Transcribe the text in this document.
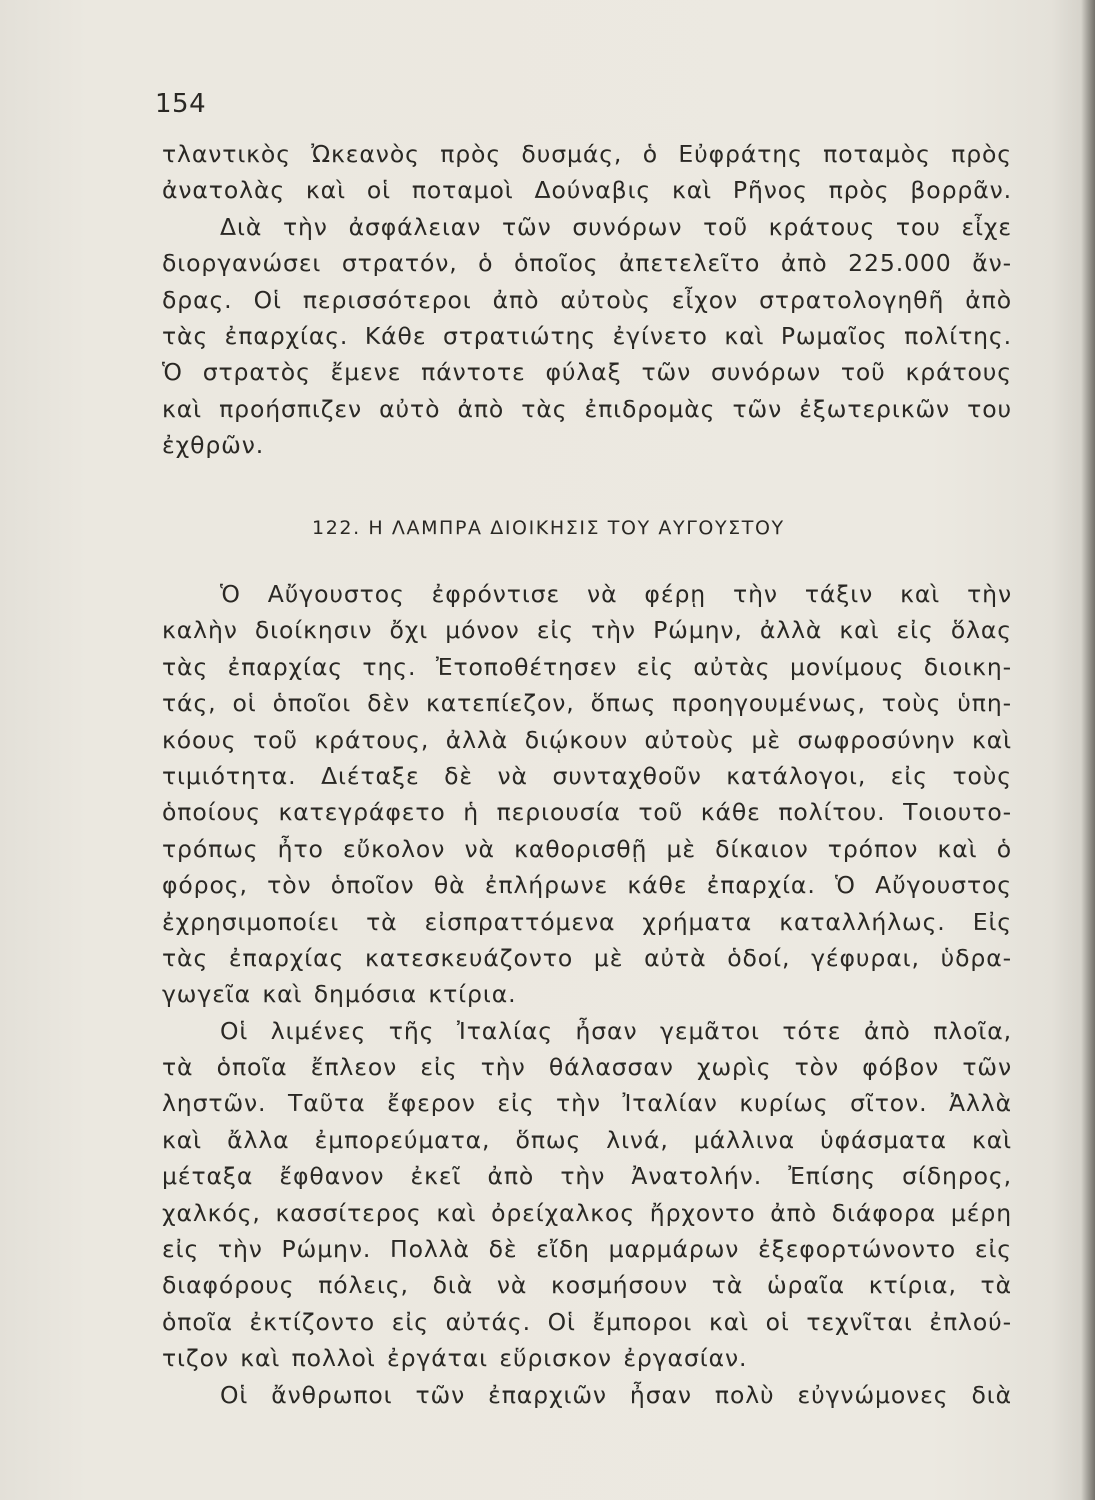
154
τλαντικὸς Ὠκεανὸς πρὸς δυσμάς, ὁ Εὐφράτης ποταμὸς πρὸς
ἀνατολὰς καὶ οἱ ποταμοὶ Δούναβις καὶ Ρῆνος πρὸς βορρᾶν.
Διὰ τὴν ἀσφάλειαν τῶν συνόρων τοῦ κράτους του εἶχε
διοργανώσει στρατόν, ὁ ὁποῖος ἀπετελεῖτο ἀπὸ 225.000 ἄν-
δρας. Οἱ περισσότεροι ἀπὸ αὐτοὺς εἶχον στρατολογηθῆ ἀπὸ
τὰς ἐπαρχίας. Κάθε στρατιώτης ἐγίνετο καὶ Ρωμαῖος πολίτης.
Ὁ στρατὸς ἔμενε πάντοτε φύλαξ τῶν συνόρων τοῦ κράτους
καὶ προήσπιζεν αὐτὸ ἀπὸ τὰς ἐπιδρομὰς τῶν ἐξωτερικῶν του
ἐχθρῶν.
122. Η ΛΑΜΠΡΑ ΔΙΟΙΚΗΣΙΣ ΤΟΥ ΑΥΓΟΥΣΤΟΥ
Ὁ Αὔγουστος ἐφρόντισε νὰ φέρῃ τὴν τάξιν καὶ τὴν
καλὴν διοίκησιν ὄχι μόνον εἰς τὴν Ρώμην, ἀλλὰ καὶ εἰς ὅλας
τὰς ἐπαρχίας της. Ἐτοποθέτησεν εἰς αὐτὰς μονίμους διοικη-
τάς, οἱ ὁποῖοι δὲν κατεπίεζον, ὅπως προηγουμένως, τοὺς ὑπη-
κόους τοῦ κράτους, ἀλλὰ διῴκουν αὐτοὺς μὲ σωφροσύνην καὶ
τιμιότητα. Διέταξε δὲ νὰ συνταχθοῦν κατάλογοι, εἰς τοὺς
ὁποίους κατεγράφετο ἡ περιουσία τοῦ κάθε πολίτου. Τοιουτο-
τρόπως ἦτο εὔκολον νὰ καθορισθῇ μὲ δίκαιον τρόπον καὶ ὁ
φόρος, τὸν ὁποῖον θὰ ἐπλήρωνε κάθε ἐπαρχία. Ὁ Αὔγουστος
ἐχρησιμοποίει τὰ εἰσπραττόμενα χρήματα καταλλήλως. Εἰς
τὰς ἐπαρχίας κατεσκευάζοντο μὲ αὐτὰ ὁδοί, γέφυραι, ὑδρα-
γωγεῖα καὶ δημόσια κτίρια.
Οἱ λιμένες τῆς Ἰταλίας ἦσαν γεμᾶτοι τότε ἀπὸ πλοῖα,
τὰ ὁποῖα ἔπλεον εἰς τὴν θάλασσαν χωρὶς τὸν φόβον τῶν
ληστῶν. Ταῦτα ἔφερον εἰς τὴν Ἰταλίαν κυρίως σῖτον. Ἀλλὰ
καὶ ἄλλα ἐμπορεύματα, ὅπως λινά, μάλλινα ὑφάσματα καὶ
μέταξα ἔφθανον ἐκεῖ ἀπὸ τὴν Ἀνατολήν. Ἐπίσης σίδηρος,
χαλκός, κασσίτερος καὶ ὀρείχαλκος ἤρχοντο ἀπὸ διάφορα μέρη
εἰς τὴν Ρώμην. Πολλὰ δὲ εἴδη μαρμάρων ἐξεφορτώνοντο εἰς
διαφόρους πόλεις, διὰ νὰ κοσμήσουν τὰ ὡραῖα κτίρια, τὰ
ὁποῖα ἐκτίζοντο εἰς αὐτάς. Οἱ ἔμποροι καὶ οἱ τεχνῖται ἐπλού-
τιζον καὶ πολλοὶ ἐργάται εὕρισκον ἐργασίαν.
Οἱ ἄνθρωποι τῶν ἐπαρχιῶν ἦσαν πολὺ εὐγνώμονες διὰ
